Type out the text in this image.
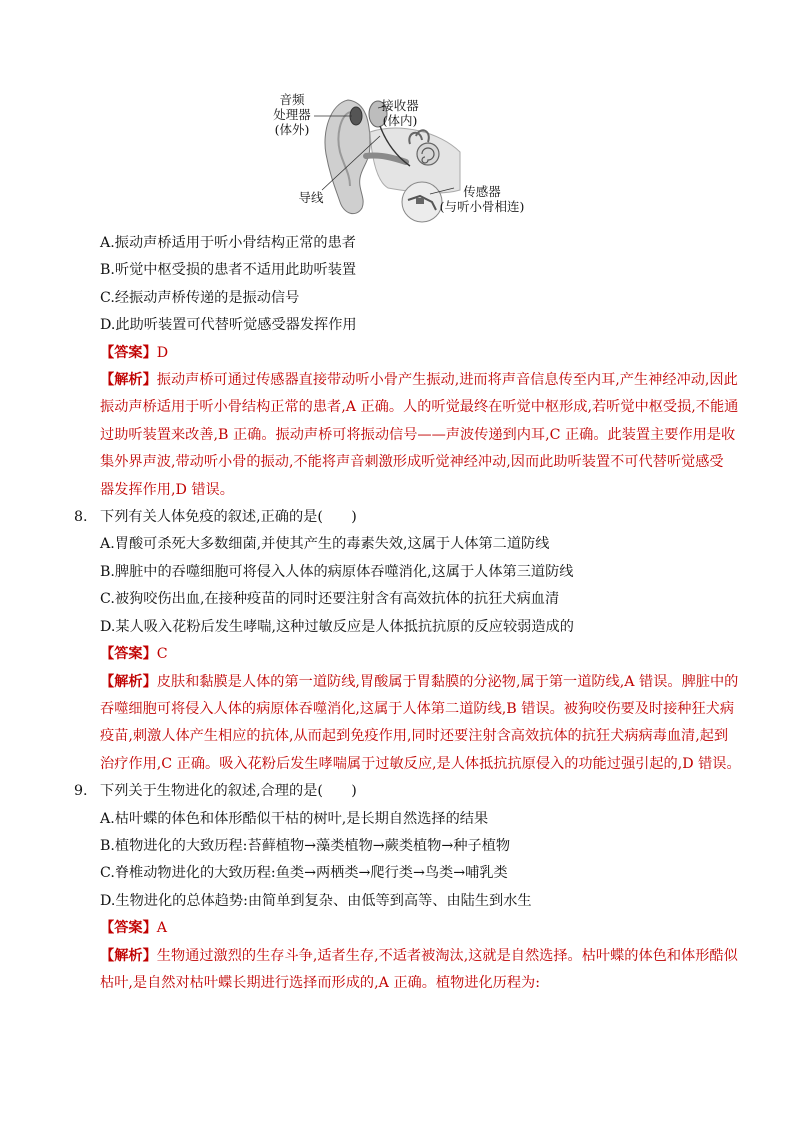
音频
处理器
(体外)
接收器
(体内)
导线	传感器
(与听小骨相连)
A.振动声桥适用于听小骨结构正常的患者
B.听觉中枢受损的患者不适用此助听装置
C.经振动声桥传递的是振动信号
D.此助听装置可代替听觉感受器发挥作用
【答案】D
【解析】振动声桥可通过传感器直接带动听小骨产生振动,进而将声音信息传至内耳,产生神经冲动,因此
振动声桥适用于听小骨结构正常的患者,A 正确。人的听觉最终在听觉中枢形成,若听觉中枢受损,不能通
过助听装置来改善,B 正确。振动声桥可将振动信号——声波传递到内耳,C 正确。此装置主要作用是收
集外界声波,带动听小骨的振动,不能将声音刺激形成听觉神经冲动,因而此助听装置不可代替听觉感受
器发挥作用,D 错误。
8. 下列有关人体免疫的叙述,正确的是(　　)
A.胃酸可杀死大多数细菌,并使其产生的毒素失效,这属于人体第二道防线
B.脾脏中的吞噬细胞可将侵入人体的病原体吞噬消化,这属于人体第三道防线
C.被狗咬伤出血,在接种疫苗的同时还要注射含有高效抗体的抗狂犬病血清
D.某人吸入花粉后发生哮喘,这种过敏反应是人体抵抗抗原的反应较弱造成的
【答案】C
【解析】皮肤和黏膜是人体的第一道防线,胃酸属于胃黏膜的分泌物,属于第一道防线,A 错误。脾脏中的
吞噬细胞可将侵入人体的病原体吞噬消化,这属于人体第二道防线,B 错误。被狗咬伤要及时接种狂犬病
疫苗,刺激人体产生相应的抗体,从而起到免疫作用,同时还要注射含高效抗体的抗狂犬病病毒血清,起到
治疗作用,C 正确。吸入花粉后发生哮喘属于过敏反应,是人体抵抗抗原侵入的功能过强引起的,D 错误。
9. 下列关于生物进化的叙述,合理的是(　　)
A.枯叶蝶的体色和体形酷似干枯的树叶,是长期自然选择的结果
B.植物进化的大致历程:苔藓植物→藻类植物→蕨类植物→种子植物
C.脊椎动物进化的大致历程:鱼类→两栖类→爬行类→鸟类→哺乳类
D.生物进化的总体趋势:由简单到复杂、由低等到高等、由陆生到水生
【答案】A
【解析】生物通过激烈的生存斗争,适者生存,不适者被淘汰,这就是自然选择。枯叶蝶的体色和体形酷似
枯叶,是自然对枯叶蝶长期进行选择而形成的,A 正确。植物进化历程为:
